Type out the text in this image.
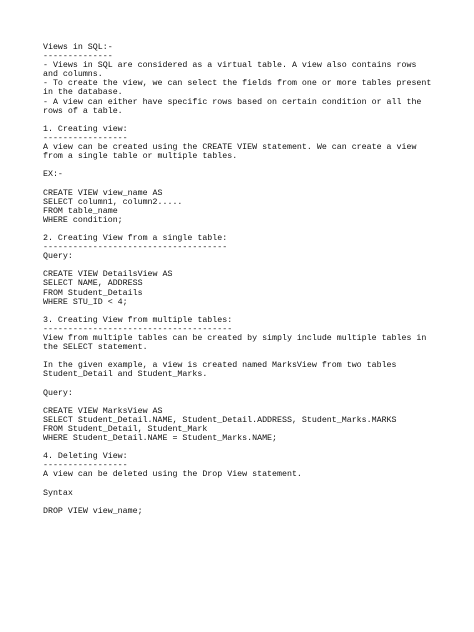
Views in SQL:-
--------------
- Views in SQL are considered as a virtual table. A view also contains rows and columns.
- To create the view, we can select the fields from one or more tables present in the database.
- A view can either have specific rows based on certain condition or all the rows of a table.
1. Creating view:
-----------------
A view can be created using the CREATE VIEW statement. We can create a view from a single table or multiple tables.
EX:-
CREATE VIEW view_name AS
SELECT column1, column2.....
FROM table_name
WHERE condition;
2. Creating View from a single table:
-------------------------------------
Query:
CREATE VIEW DetailsView AS
SELECT NAME, ADDRESS
FROM Student_Details
WHERE STU_ID < 4;
3. Creating View from multiple tables:
--------------------------------------
View from multiple tables can be created by simply include multiple tables in the SELECT statement.
In the given example, a view is created named MarksView from two tables Student_Detail and Student_Marks.
Query:
CREATE VIEW MarksView AS
SELECT Student_Detail.NAME, Student_Detail.ADDRESS, Student_Marks.MARKS
FROM Student_Detail, Student_Mark
WHERE Student_Detail.NAME = Student_Marks.NAME;
4. Deleting View:
-----------------
A view can be deleted using the Drop View statement.
Syntax
DROP VIEW view_name;
